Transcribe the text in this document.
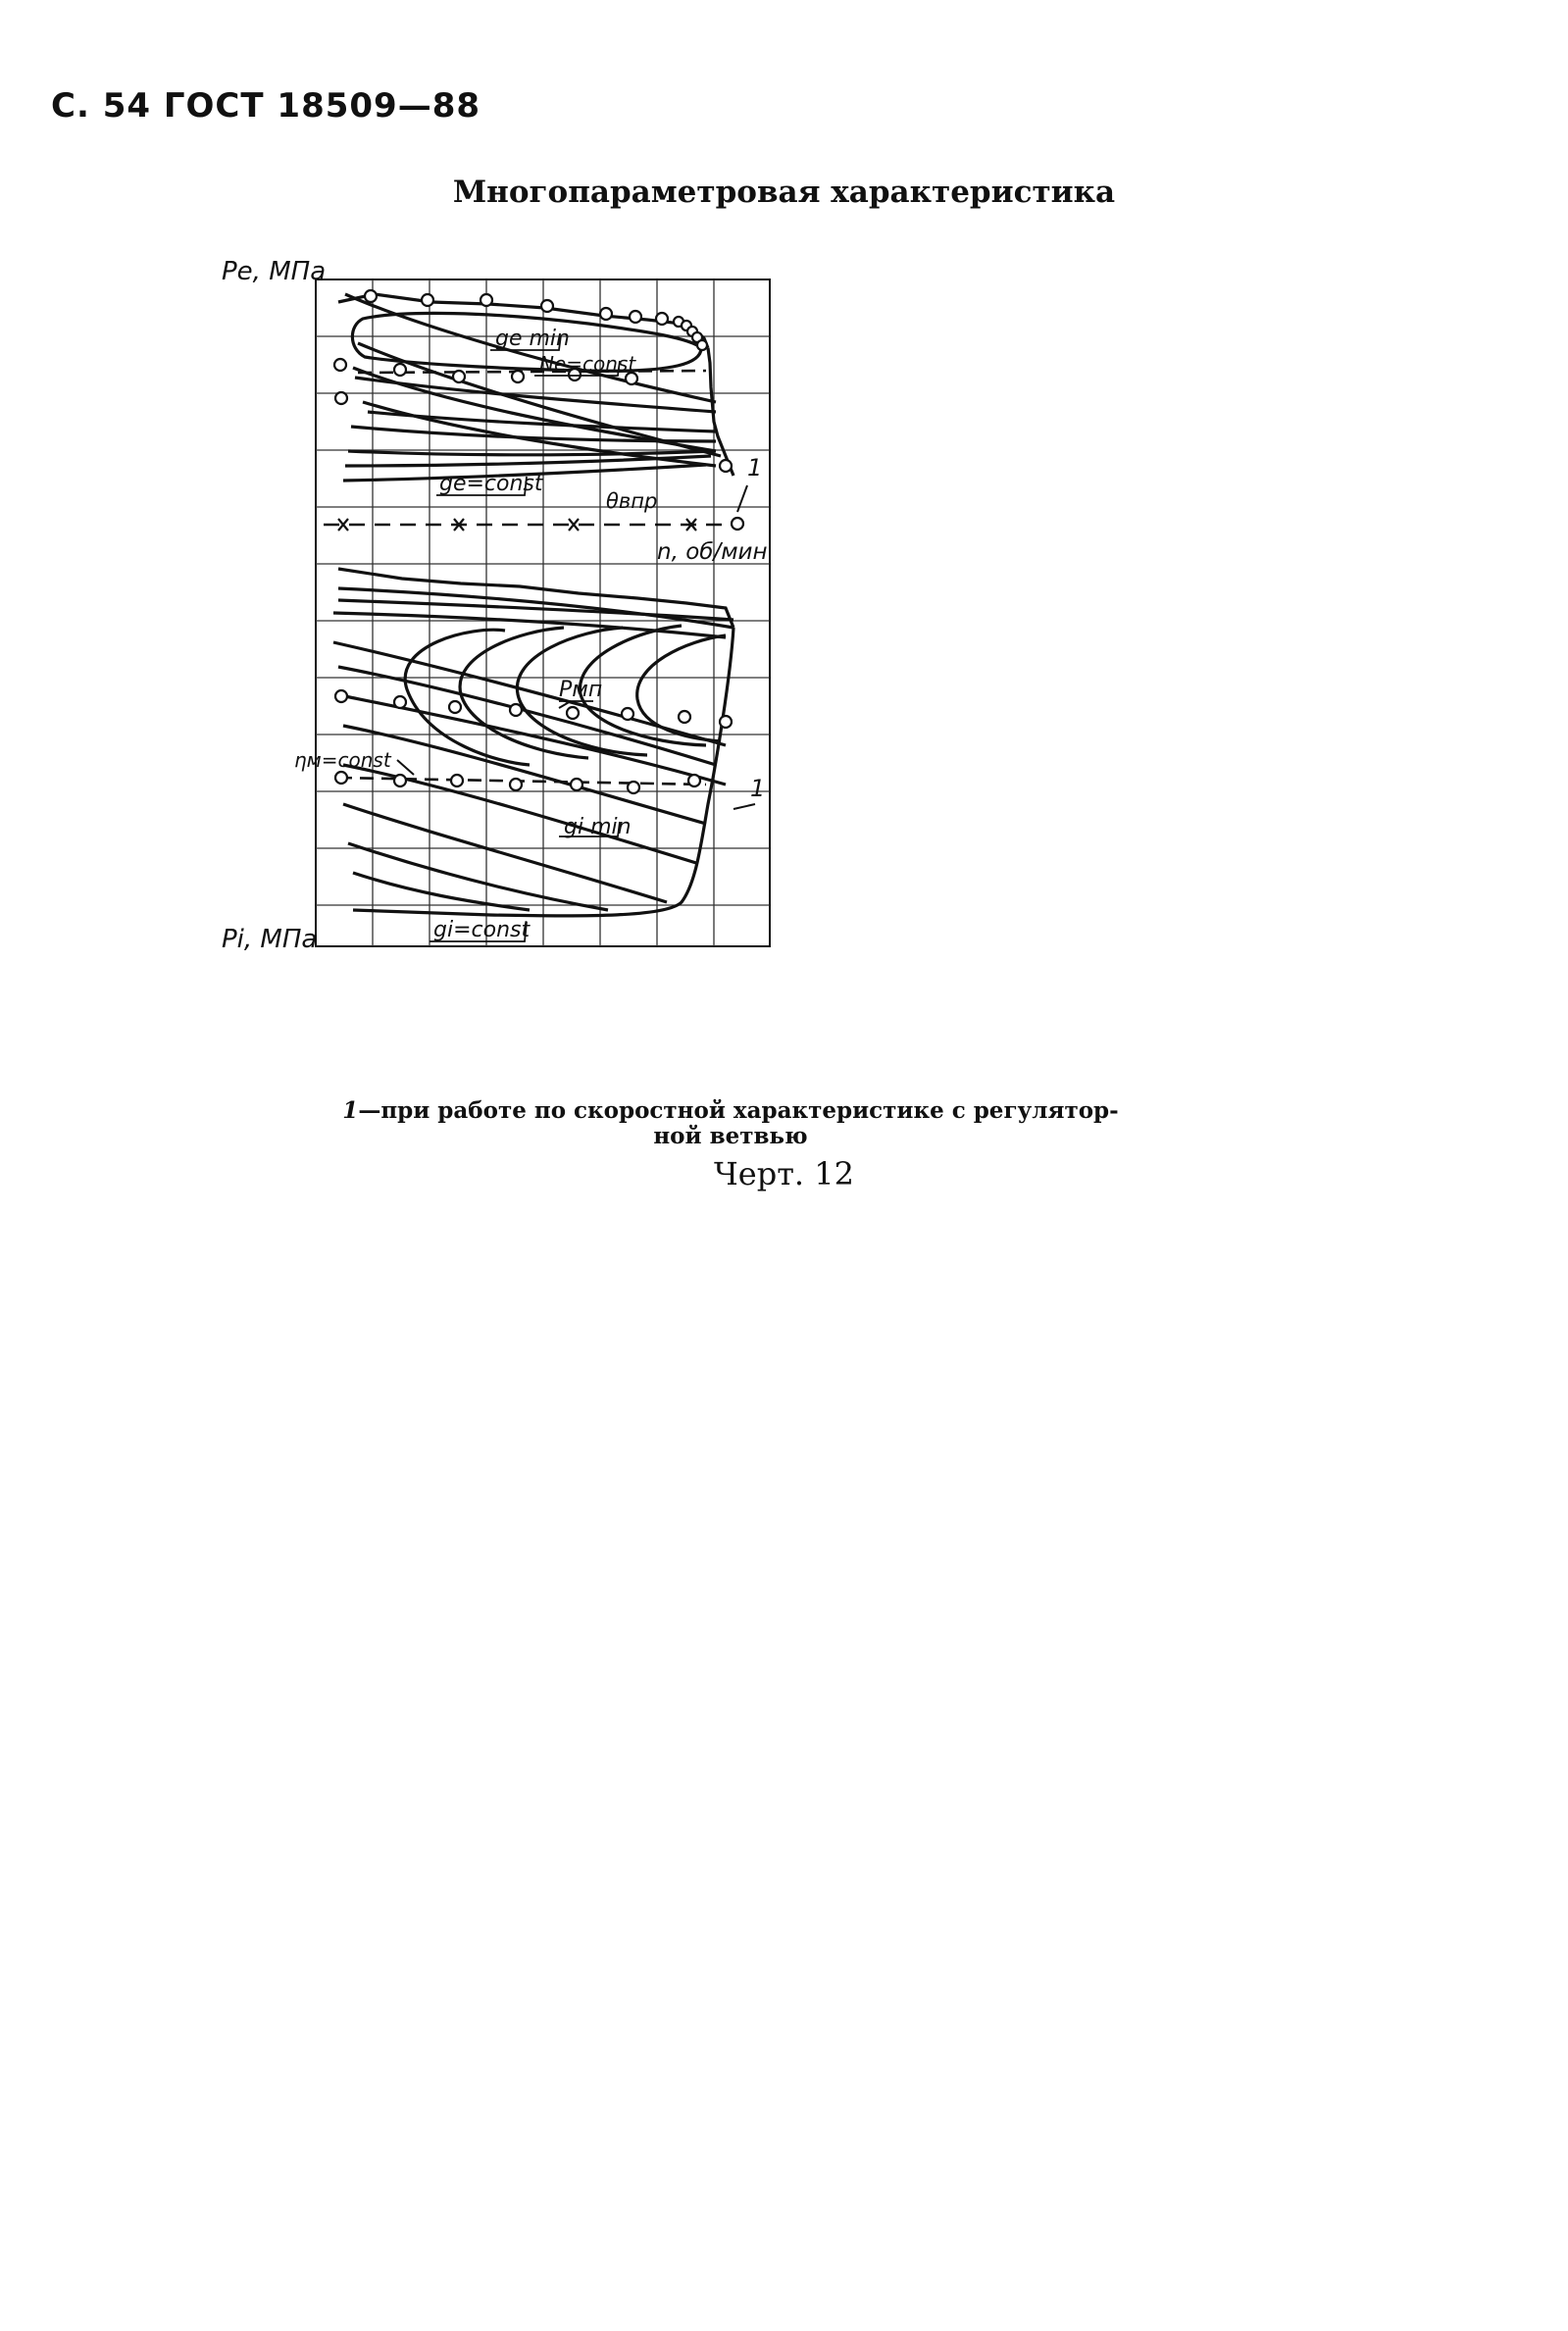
С. 54 ГОСТ 18509—88
Многопараметровая характеристика
ge min
Ne=const
ge=const
θвпр
1
n, об/мин
Pмп
ηм=const
gi min
1
gi=const
Pe, МПа
Pi, МПа
1—при работе по скоростной характеристике с регулятор-ной ветвью
Черт. 12
